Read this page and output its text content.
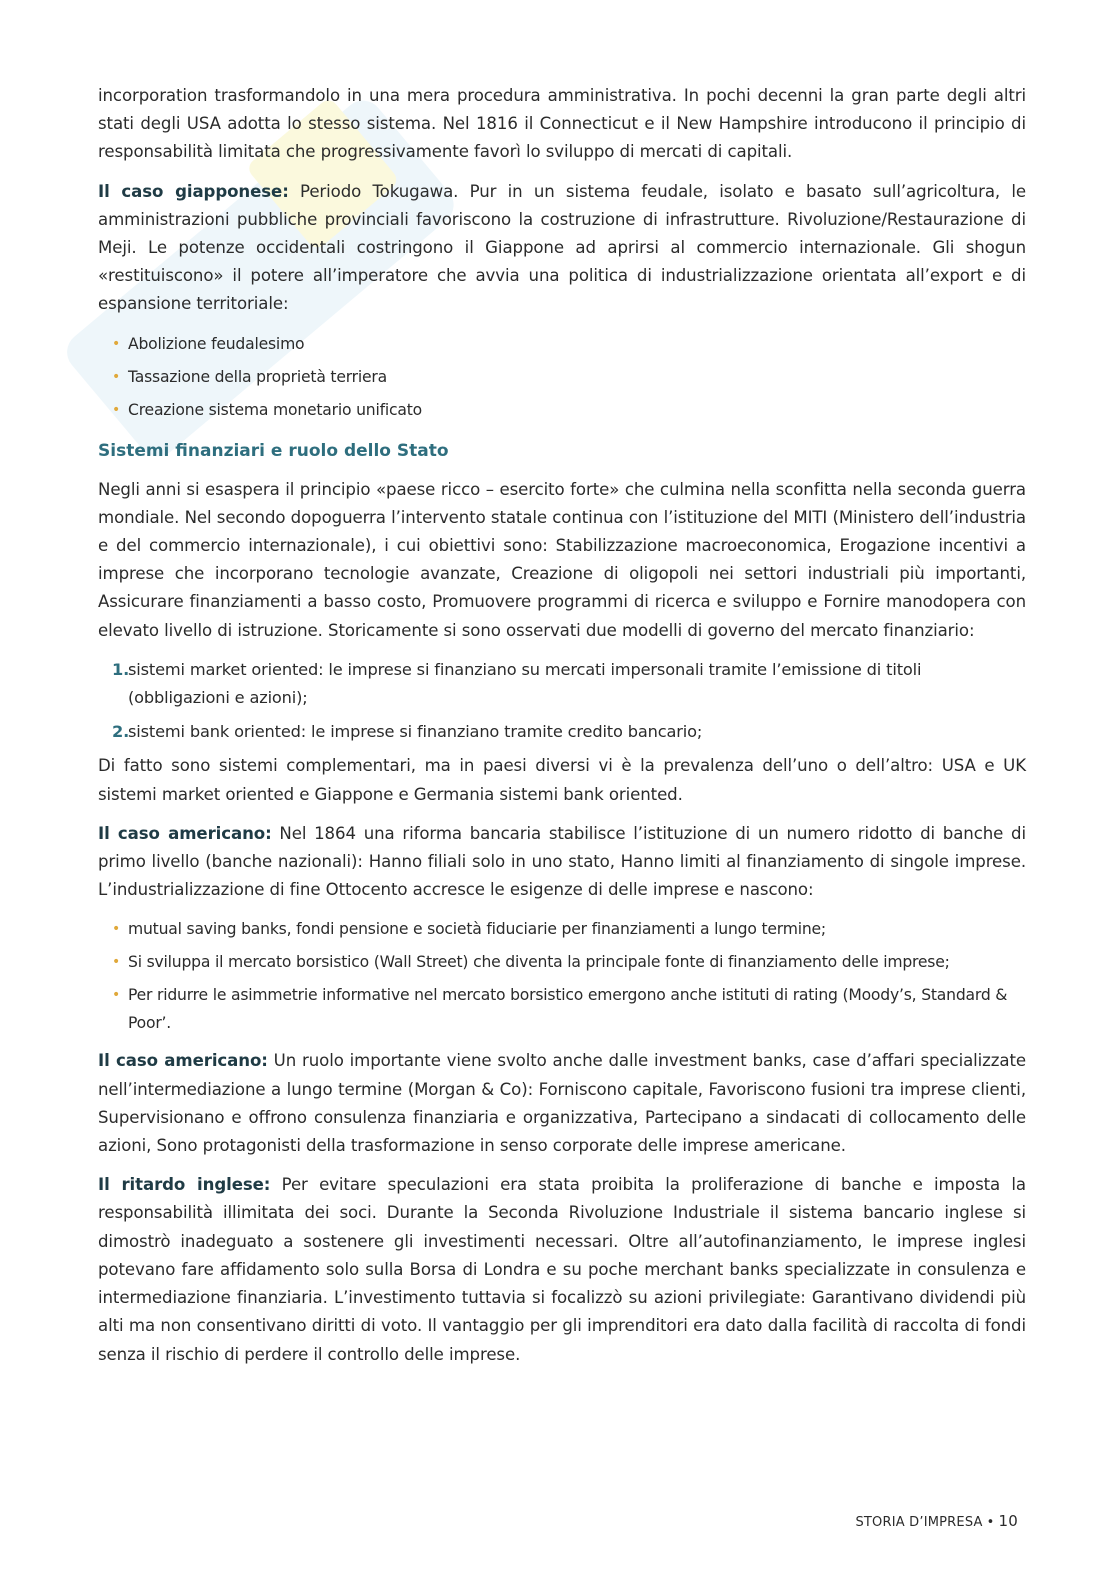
incorporation trasformandolo in una mera procedura amministrativa. In pochi decenni la gran parte degli altri stati degli USA adotta lo stesso sistema. Nel 1816 il Connecticut e il New Hampshire introducono il principio di responsabilità limitata che progressivamente favorì lo sviluppo di mercati di capitali.

Il caso giapponese: Periodo Tokugawa. Pur in un sistema feudale, isolato e basato sull’agricoltura, le amministrazioni pubbliche provinciali favoriscono la costruzione di infrastrutture. Rivoluzione/Restaurazione di Meji. Le potenze occidentali costringono il Giappone ad aprirsi al commercio internazionale. Gli shogun «restituiscono» il potere all’imperatore che avvia una politica di industrializzazione orientata all’export e di espansione territoriale:

• Abolizione feudalesimo
• Tassazione della proprietà terriera
• Creazione sistema monetario unificato
Sistemi finanziari e ruolo dello Stato

Negli anni si esaspera il principio «paese ricco – esercito forte» che culmina nella sconfitta nella seconda guerra mondiale. Nel secondo dopoguerra l’intervento statale continua con l’istituzione del MITI (Ministero dell’industria e del commercio internazionale), i cui obiettivi sono: Stabilizzazione macroeconomica, Erogazione incentivi a imprese che incorporano tecnologie avanzate, Creazione di oligopoli nei settori industriali più importanti, Assicurare finanziamenti a basso costo, Promuovere programmi di ricerca e sviluppo e Fornire manodopera con elevato livello di istruzione. Storicamente si sono osservati due modelli di governo del mercato finanziario:

1.
sistemi market oriented: le imprese si finanziano su mercati impersonali tramite l’emissione di titoli (obbligazioni e azioni);
2.
sistemi bank oriented: le imprese si finanziano tramite credito bancario;

Di fatto sono sistemi complementari, ma in paesi diversi vi è la prevalenza dell’uno o dell’altro: USA e UK sistemi market oriented e Giappone e Germania sistemi bank oriented.

Il caso americano: Nel 1864 una riforma bancaria stabilisce l’istituzione di un numero ridotto di banche di primo livello (banche nazionali): Hanno filiali solo in uno stato, Hanno limiti al finanziamento di singole imprese. L’industrializzazione di fine Ottocento accresce le esigenze di delle imprese e nascono:

• mutual saving banks, fondi pensione e società fiduciarie per finanziamenti a lungo termine;
• Si sviluppa il mercato borsistico (Wall Street) che diventa la principale fonte di finanziamento delle imprese;
• Per ridurre le asimmetrie informative nel mercato borsistico emergono anche istituti di rating (Moody’s, Standard & Poor’.

Il caso americano: Un ruolo importante viene svolto anche dalle investment banks, case d’affari specializzate nell’intermediazione a lungo termine (Morgan & Co): Forniscono capitale, Favoriscono fusioni tra imprese clienti, Supervisionano e offrono consulenza finanziaria e organizzativa, Partecipano a sindacati di collocamento delle azioni, Sono protagonisti della trasformazione in senso corporate delle imprese americane.

Il ritardo inglese: Per evitare speculazioni era stata proibita la proliferazione di banche e imposta la responsabilità illimitata dei soci. Durante la Seconda Rivoluzione Industriale il sistema bancario inglese si dimostrò inadeguato a sostenere gli investimenti necessari. Oltre all’autofinanziamento, le imprese inglesi potevano fare affidamento solo sulla Borsa di Londra e su poche merchant banks specializzate in consulenza e intermediazione finanziaria. L’investimento tuttavia si focalizzò su azioni privilegiate: Garantivano dividendi più alti ma non consentivano diritti di voto. Il vantaggio per gli imprenditori era dato dalla facilità di raccolta di fondi senza il rischio di perdere il controllo delle imprese.

STORIA D’IMPRESA • 10
